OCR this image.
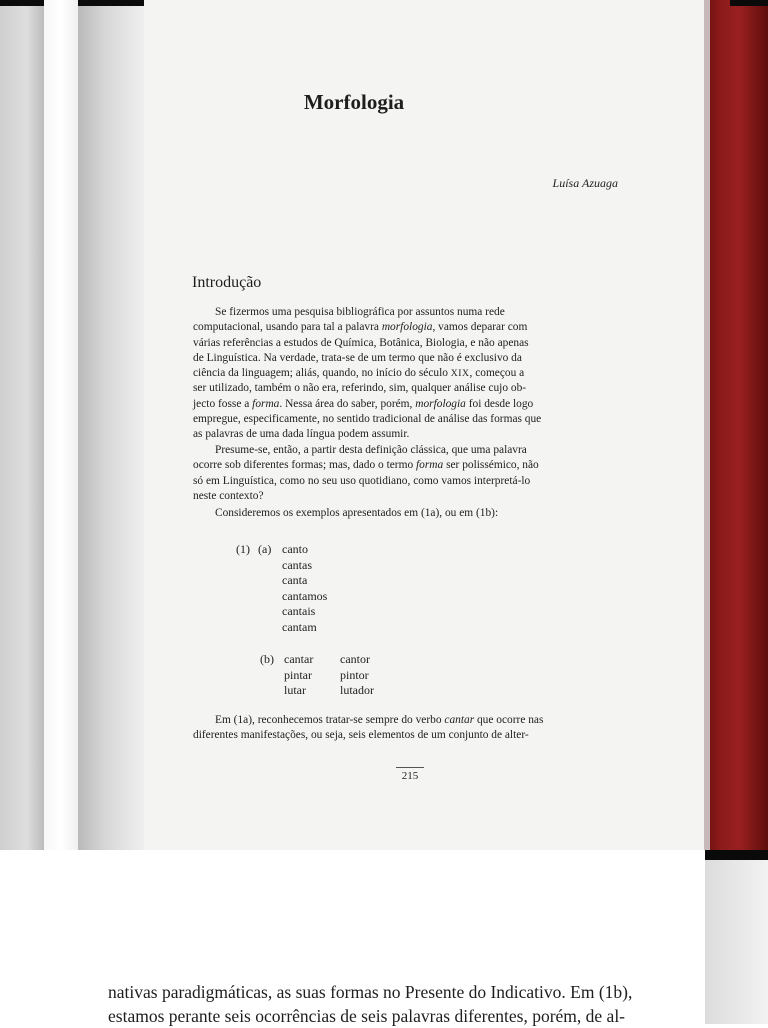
Morfologia
Luísa Azuaga
Introdução
Se fizermos uma pesquisa bibliográfica por assuntos numa rede
computacional, usando para tal a palavra morfologia, vamos deparar com
várias referências a estudos de Química, Botânica, Biologia, e não apenas
de Linguística. Na verdade, trata-se de um termo que não é exclusivo da
ciência da linguagem; aliás, quando, no início do século XIX, começou a
ser utilizado, também o não era, referindo, sim, qualquer análise cujo ob-
jecto fosse a forma. Nessa área do saber, porém, morfologia foi desde logo
empregue, especificamente, no sentido tradicional de análise das formas que
as palavras de uma dada língua podem assumir.
Presume-se, então, a partir desta definição clássica, que uma palavra
ocorre sob diferentes formas; mas, dado o termo forma ser polissémico, não
só em Linguística, como no seu uso quotidiano, como vamos interpretá-lo
neste contexto?
Consideremos os exemplos apresentados em (1a), ou em (1b):
(1) (a) canto
cantas
canta
cantamos
cantais
cantam
(b) cantar
pintar
lutar
cantor
pintor
lutador
Em (1a), reconhecemos tratar-se sempre do verbo cantar que ocorre nas
diferentes manifestações, ou seja, seis elementos de um conjunto de alter-
215
nativas paradigmáticas, as suas formas no Presente do Indicativo. Em (1b),
estamos perante seis ocorrências de seis palavras diferentes, porém, de al-
